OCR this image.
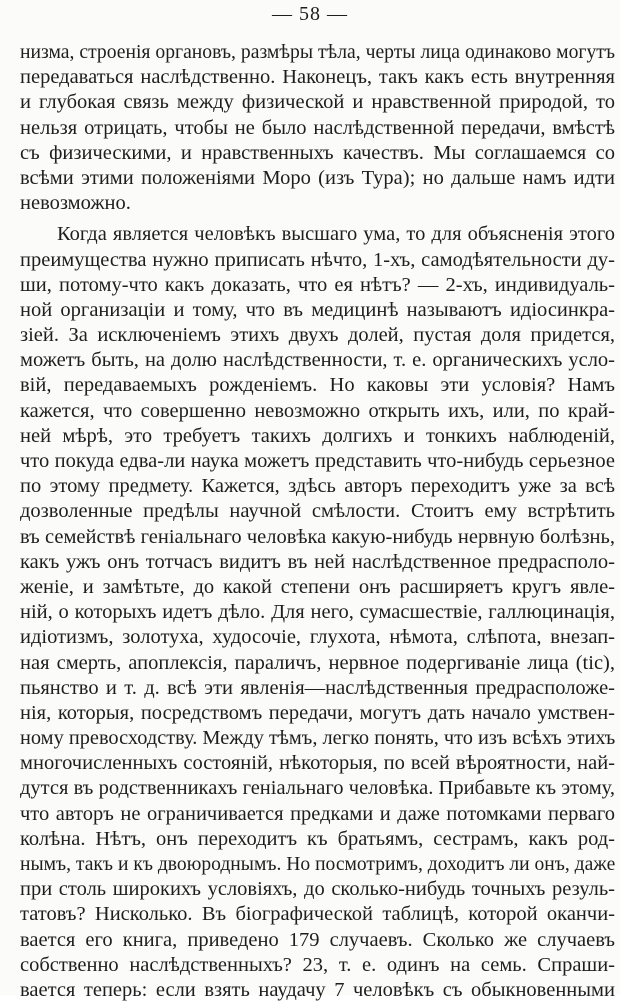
— 58 —
низма, строенія органовъ, размѣры тѣла, черты лица одинаково могутъ
передаваться наслѣдственно. Наконецъ, такъ какъ есть внутренняя
и глубокая связь между физической и нравственной природой, то
нельзя отрицать, чтобы не было наслѣдственной передачи, вмѣстѣ
съ физическими, и нравственныхъ качествъ. Мы соглашаемся со
всѣми этими положеніями Моро (изъ Тура); но дальше намъ идти
невозможно.
Когда является человѣкъ высшаго ума, то для объясненія этого
преимущества нужно приписать нѣчто, 1-хъ, самодѣятельности ду-
ши, потому-что какъ доказать, что ея нѣтъ? — 2-хъ, индивидуаль-
ной организаціи и тому, что въ медицинѣ называютъ идіосинкра-
зіей. За исключеніемъ этихъ двухъ долей, пустая доля придется,
можетъ быть, на долю наслѣдственности, т. е. органическихъ усло-
вій, передаваемыхъ рожденіемъ. Но каковы эти условія? Намъ
кажется, что совершенно невозможно открыть ихъ, или, по край-
ней мѣрѣ, это требуетъ такихъ долгихъ и тонкихъ наблюденій,
что покуда едва-ли наука можетъ представить что-нибудь серьезное
по этому предмету. Кажется, здѣсь авторъ переходитъ уже за всѣ
дозволенные предѣлы научной смѣлости. Стоитъ ему встрѣтить
въ семействѣ геніальнаго человѣка какую-нибудь нервную болѣзнь,
какъ ужъ онъ тотчасъ видитъ въ ней наслѣдственное предрасполо-
женіе, и замѣтьте, до какой степени онъ расширяетъ кругъ явле-
ній, о которыхъ идетъ дѣло. Для него, сумасшествіе, галлюцинація,
идіотизмъ, золотуха, худосочіе, глухота, нѣмота, слѣпота, внезап-
ная смерть, апоплексія, параличъ, нервное подергиваніе лица (tic),
пьянство и т. д. всѣ эти явленія—наслѣдственныя предрасположе-
нія, которыя, посредствомъ передачи, могутъ дать начало умствен-
ному превосходству. Между тѣмъ, легко понять, что изъ всѣхъ этихъ
многочисленныхъ состояній, нѣкоторыя, по всей вѣроятности, най-
дутся въ родственникахъ геніальнаго человѣка. Прибавьте къ этому,
что авторъ не ограничивается предками и даже потомками перваго
колѣна. Нѣтъ, онъ переходитъ къ братьямъ, сестрамъ, какъ род-
нымъ, такъ и къ двоюроднымъ. Но посмотримъ, доходитъ ли онъ, даже
при столь широкихъ условіяхъ, до сколько-нибудь точныхъ резуль-
татовъ? Нисколько. Въ біографической таблицѣ, которой оканчи-
вается его книга, приведено 179 случаевъ. Сколько же случаевъ
собственно наслѣдственныхъ? 23, т. е. одинъ на семь. Спраши-
вается теперь: если взять наудачу 7 человѣкъ съ обыкновенными
